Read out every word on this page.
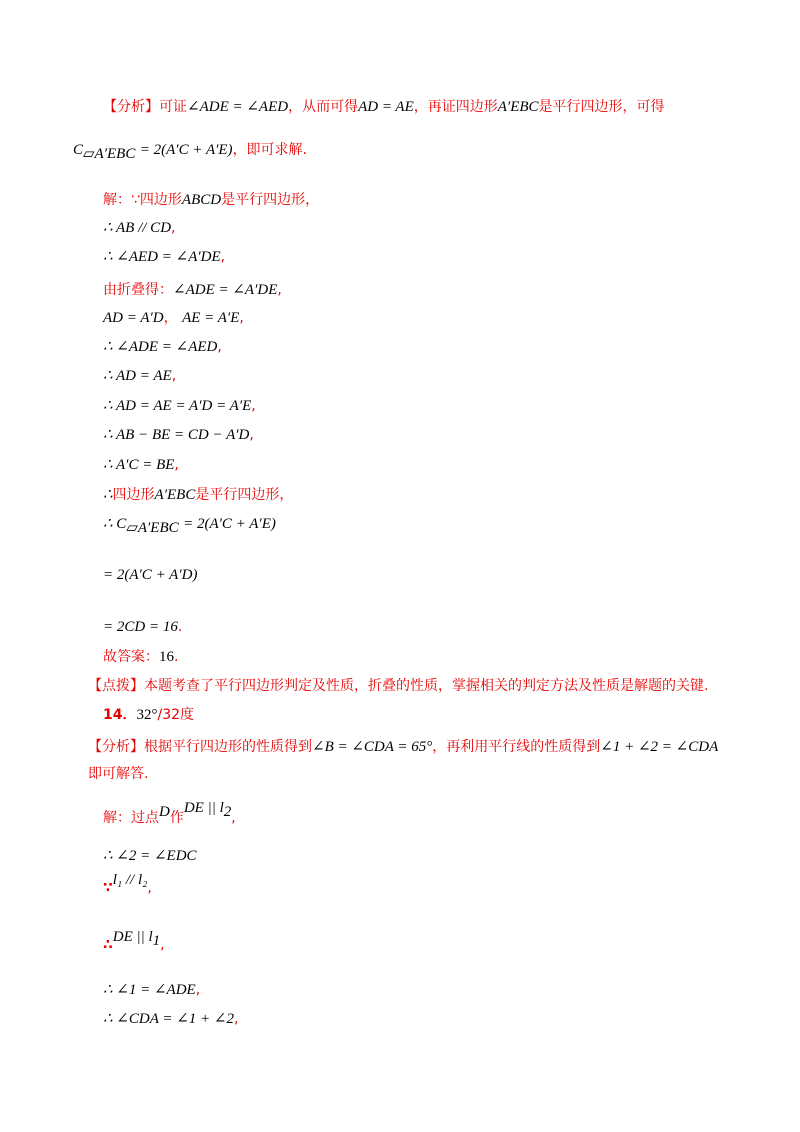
【分析】可证∠ADE = ∠AED，从而可得AD = AE，再证四边形A′EBC是平行四边形，可得
$C_{▱A'EBC} = 2(A'C + A'E)$，即可求解.
解：∵四边形ABCD是平行四边形，
∴ AB // CD,
∴ ∠AED = ∠A′DE,
由折叠得：∠ADE = ∠A′DE,
AD = A′D， AE = A′E,
∴ ∠ADE = ∠AED,
∴ AD = AE,
∴ AD = AE = A′D = A′E,
∴ AB − BE = CD − A′D,
∴ A′C = BE,
∴四边形A′EBC是平行四边形，
∴ $C_{▱A'EBC} = 2(A'C + A'E)$
= 2(A′C + A′D)
= 2CD = 16.
故答案：16.
【点拨】本题考查了平行四边形判定及性质，折叠的性质，掌握相关的判定方法及性质是解题的关键.
14．32°/32度
【分析】根据平行四边形的性质得到∠B = ∠CDA = 65°，再利用平行线的性质得到∠1 + ∠2 = ∠CDA
即可解答.
解：过点D作DE || $l_2$,
∴ ∠2 = ∠EDC
∵l₁ // l₂,
∴DE || $l_1$,
∴ ∠1 = ∠ADE,
∴ ∠CDA = ∠1 + ∠2,
